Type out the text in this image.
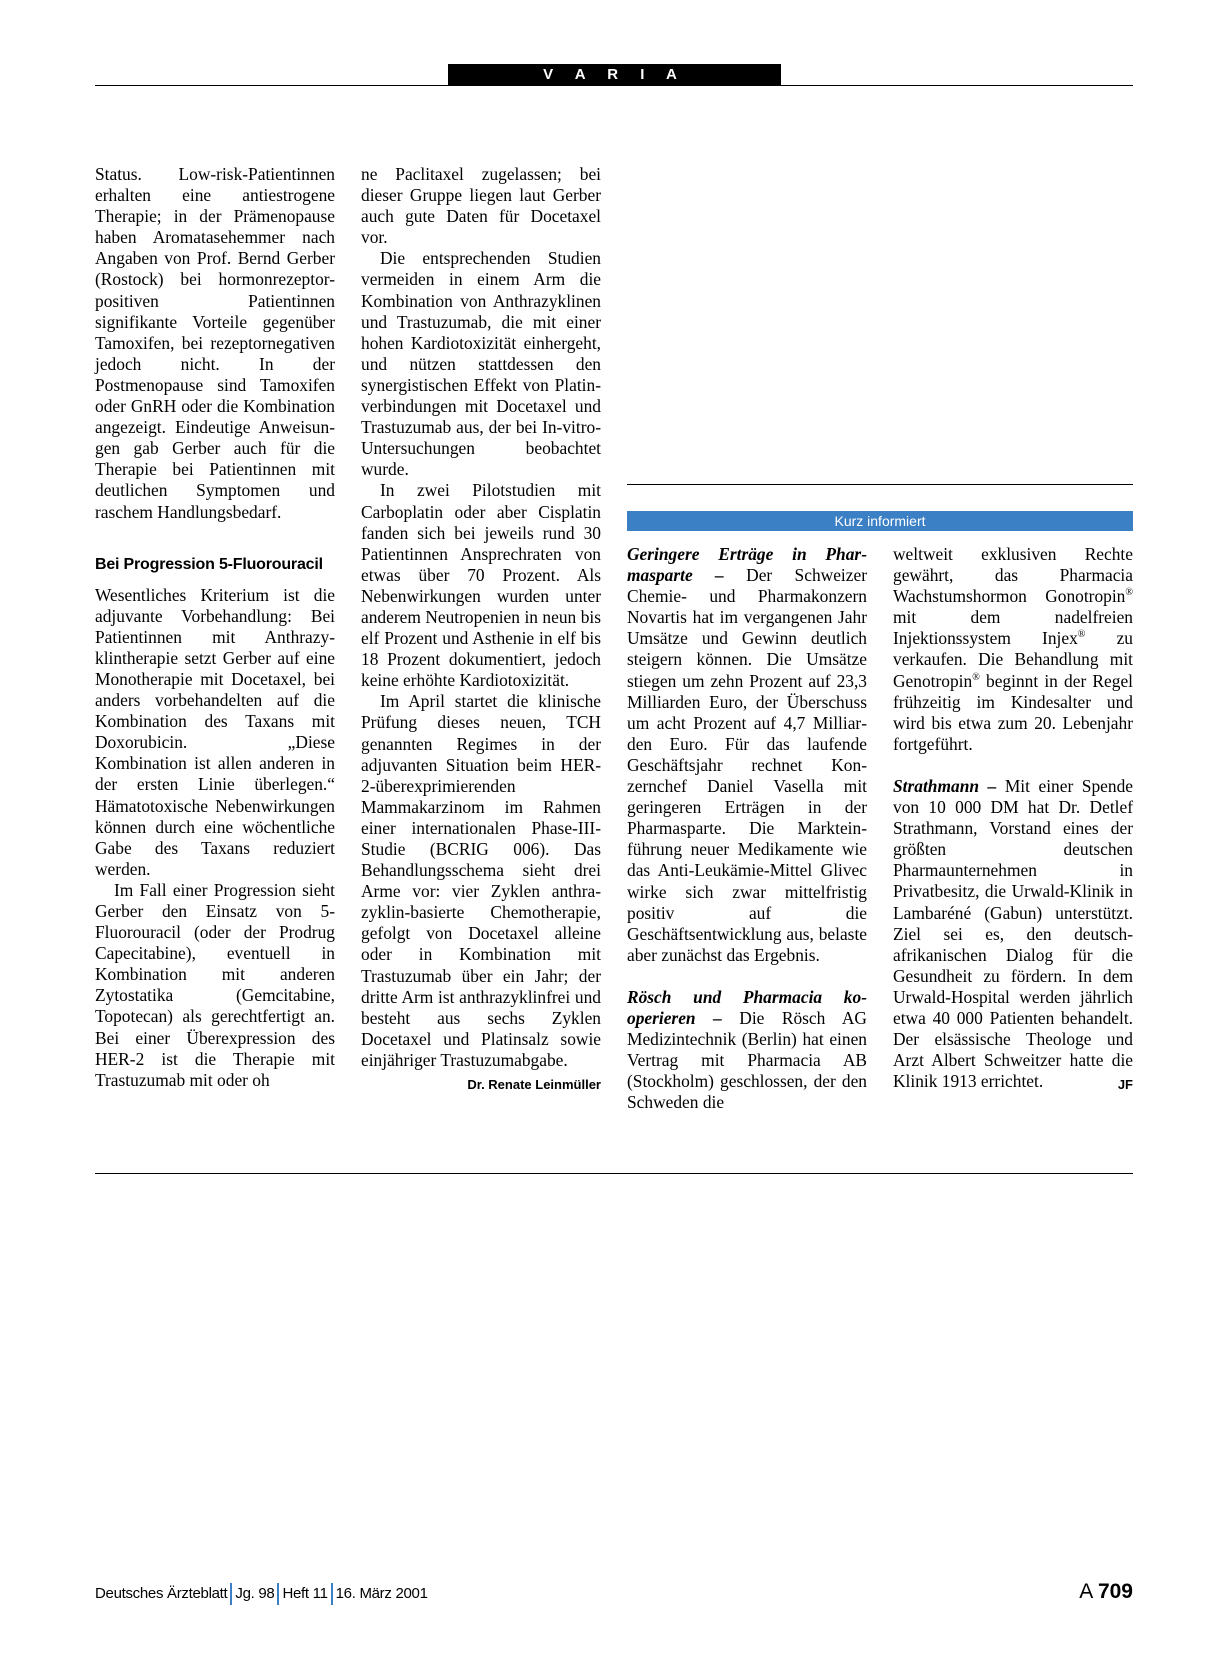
V A R I A

Status. Low-risk-Patientinnen erhalten eine antiestrogene Therapie; in der Prämenopause haben Aromatasehemmer nach Angaben von Prof. Bernd Gerber (Rostock) bei hormonrezeptor-positiven Patientinnen signifikante Vorteile gegenüber Tamoxifen, bei rezeptornegativen jedoch nicht. In der Postmenopause sind Tamoxifen oder GnRH oder die Kombination angezeigt. Eindeutige Anweisungen gab Gerber auch für die Therapie bei Patientinnen mit deutlichen Symptomen und raschem Handlungsbedarf.

Bei Progression 5-Fluorouracil

Wesentliches Kriterium ist die adjuvante Vorbehandlung: Bei Patientinnen mit Anthrazyklintherapie setzt Gerber auf eine Monotherapie mit Docetaxel, bei anders vorbehandelten auf die Kombination des Taxans mit Doxorubicin. „Diese Kombination ist allen anderen in der ersten Linie überlegen.“ Hämatotoxische Nebenwirkungen können durch eine wöchentliche Gabe des Taxans reduziert werden.

Im Fall einer Progression sieht Gerber den Einsatz von 5-Fluorouracil (oder der Prodrug Capecitabine), eventuell in Kombination mit anderen Zytostatika (Gemcitabine, Topotecan) als gerechtfertigt an. Bei einer Überexpression des HER-2 ist die Therapie mit Trastuzumab mit oder oh

ne Paclitaxel zugelassen; bei dieser Gruppe liegen laut Gerber auch gute Daten für Docetaxel vor.

Die entsprechenden Studien vermeiden in einem Arm die Kombination von Anthrazyklinen und Trastuzumab, die mit einer hohen Kardiotoxizität einhergeht, und nützen stattdessen den synergistischen Effekt von Platinverbindungen mit Docetaxel und Trastuzumab aus, der bei In-vitro-Untersuchungen beobachtet wurde.

In zwei Pilotstudien mit Carboplatin oder aber Cisplatin fanden sich bei jeweils rund 30 Patientinnen Ansprechraten von etwas über 70 Prozent. Als Nebenwirkungen wurden unter anderem Neutropenien in neun bis elf Prozent und Asthenie in elf bis 18 Prozent dokumentiert, jedoch keine erhöhte Kardiotoxizität.

Im April startet die klinische Prüfung dieses neuen, TCH genannten Regimes in der adjuvanten Situation beim HER-2-überexprimierenden Mammakarzinom im Rahmen einer internationalen Phase-III-Studie (BCRIG 006). Das Behandlungsschema sieht drei Arme vor: vier Zyklen anthrazyklin-basierte Chemotherapie, gefolgt von Docetaxel alleine oder in Kombination mit Trastuzumab über ein Jahr; der dritte Arm ist anthrazyklinfrei und besteht aus sechs Zyklen Docetaxel und Platinsalz sowie einjähriger Trastuzumabgabe.
Dr. Renate Leinmüller

Kurz informiert

Geringere Erträge in Pharmasparte – Der Schweizer Chemie- und Pharmakonzern Novartis hat im vergangenen Jahr Umsätze und Gewinn deutlich steigern können. Die Umsätze stiegen um zehn Prozent auf 23,3 Milliarden Euro, der Überschuss um acht Prozent auf 4,7 Milliarden Euro. Für das laufende Geschäftsjahr rechnet Konzernchef Daniel Vasella mit geringeren Erträgen in der Pharmasparte. Die Markteinführung neuer Medikamente wie das Anti-Leukämie-Mittel Glivec wirke sich zwar mittelfristig positiv auf die Geschäftsentwicklung aus, belaste aber zunächst das Ergebnis.

Rösch und Pharmacia kooperieren – Die Rösch AG Medizintechnik (Berlin) hat einen Vertrag mit Pharmacia AB (Stockholm) geschlossen, der den Schweden die

weltweit exklusiven Rechte gewährt, das Pharmacia Wachstumshormon Gonotropin® mit dem nadelfreien Injektionssystem Injex® zu verkaufen. Die Behandlung mit Genotropin® beginnt in der Regel frühzeitig im Kindesalter und wird bis etwa zum 20. Lebenjahr fortgeführt.

Strathmann – Mit einer Spende von 10 000 DM hat Dr. Detlef Strathmann, Vorstand eines der größten deutschen Pharmaunternehmen in Privatbesitz, die Urwald-Klinik in Lambaréné (Gabun) unterstützt. Ziel sei es, den deutsch-afrikanischen Dialog für die Gesundheit zu fördern. In dem Urwald-Hospital werden jährlich etwa 40 000 Patienten behandelt. Der elsässische Theologe und Arzt Albert Schweitzer hatte die Klinik 1913 errichtet.	JF

Deutsches Ärzteblatt Jg. 98 Heft 11 16. März 2001	A 709
